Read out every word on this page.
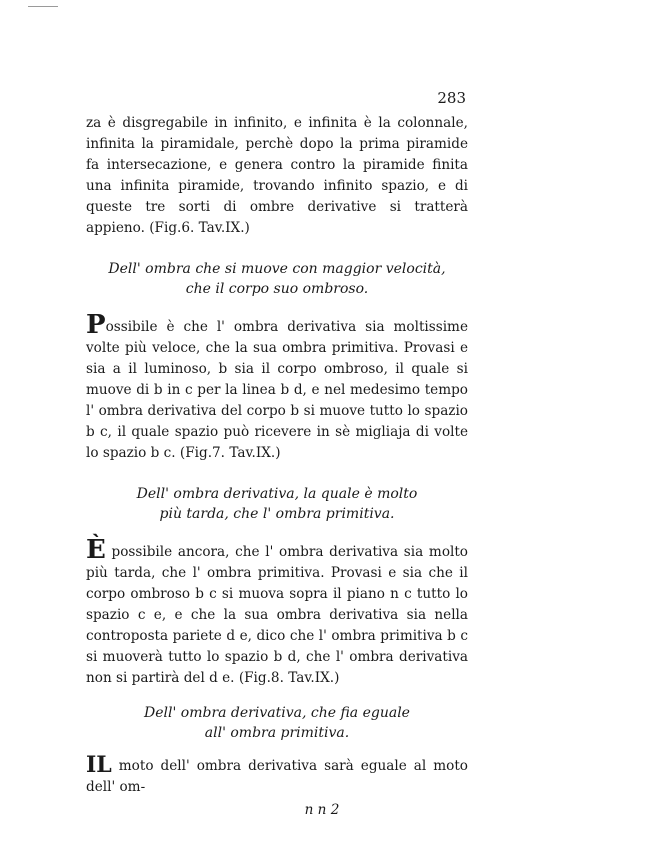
283

za è disgregabile in infinito, e infinita è la colonnale, infinita la piramidale, perchè dopo la prima piramide fa intersecazione, e genera contro la piramide finita una infinita piramide, trovando infinito spazio, e di queste tre sorti di ombre derivative si tratterà appieno. (Fig.6. Tav.IX.)

Dell' ombra che si muove con maggior velocità,
che il corpo suo ombroso.

Possibile è che l' ombra derivativa sia moltissime volte più veloce, che la sua ombra primitiva. Provasi e sia a il luminoso, b sia il corpo ombroso, il quale si muove di b in c per la linea b d, e nel medesimo tempo l' ombra derivativa del corpo b si muove tutto lo spazio b c, il quale spazio può ricevere in sè migliaja di volte lo spazio b c. (Fig.7. Tav.IX.)

Dell' ombra derivativa, la quale è molto
più tarda, che l' ombra primitiva.

È possibile ancora, che l' ombra derivativa sia molto più tarda, che l' ombra primitiva. Provasi e sia che il corpo ombroso b c si muova sopra il piano n c tutto lo spazio c e, e che la sua ombra derivativa sia nella controposta pariete d e, dico che l' ombra primitiva b c si muoverà tutto lo spazio b d, che l' ombra derivativa non si partirà del d e. (Fig.8. Tav.IX.)

Dell' ombra derivativa, che fia eguale
all' ombra primitiva.

IL moto dell' ombra derivativa sarà eguale al moto dell' om-

n n 2
